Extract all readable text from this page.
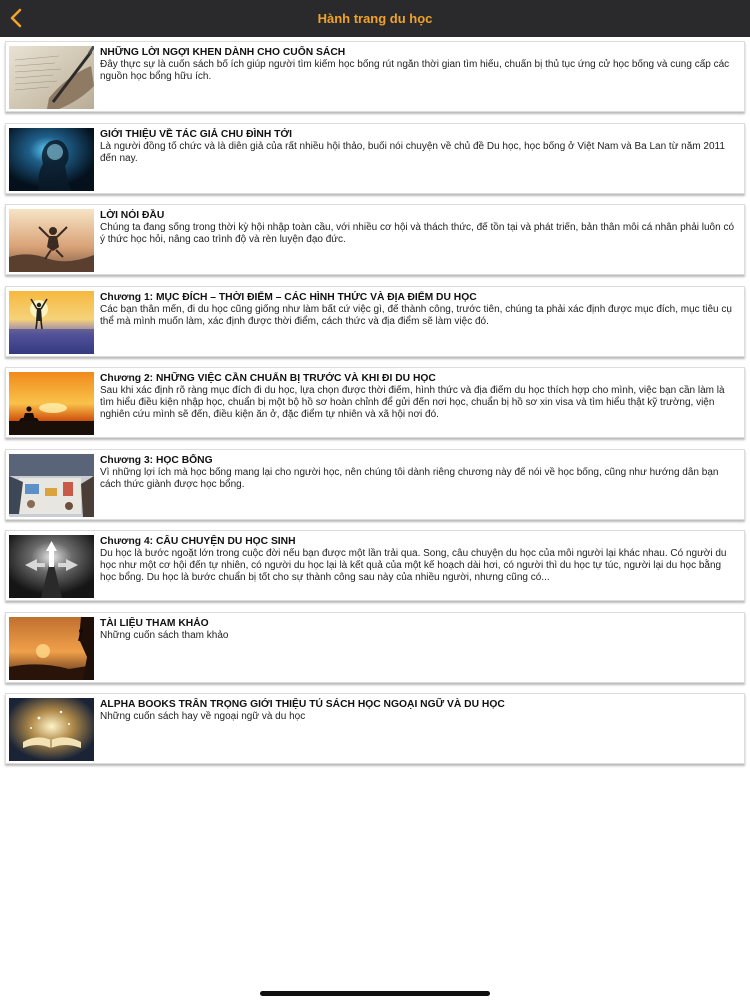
Hành trang du học
NHỮNG LỜI NGỢI KHEN DÀNH CHO CUỐN SÁCH
Đây thực sự là cuốn sách bổ ích giúp người tìm kiếm học bổng rút ngắn thời gian tìm hiểu, chuẩn bị thủ tục ứng cử học bổng và cung cấp các nguồn học bổng hữu ích.
GIỚI THIỆU VỀ TÁC GIẢ CHU ĐÌNH TỚI
Là người đồng tổ chức và là diễn giả của rất nhiều hội thảo, buổi nói chuyện về chủ đề Du học, học bổng ở Việt Nam và Ba Lan từ năm 2011 đến nay.
LỜI NÓI ĐẦU
Chúng ta đang sống trong thời kỳ hội nhập toàn cầu, với nhiều cơ hội và thách thức, để tồn tại và phát triển, bản thân mỗi cá nhân phải luôn có ý thức học hỏi, nâng cao trình độ và rèn luyện đạo đức.
Chương 1: MỤC ĐÍCH – THỜI ĐIỂM – CÁC HÌNH THỨC VÀ ĐỊA ĐIỂM DU HỌC
Các bạn thân mến, đi du học cũng giống như làm bất cứ việc gì, để thành công, trước tiên, chúng ta phải xác định được mục đích, mục tiêu cụ thể mà mình muốn làm, xác định được thời điểm, cách thức và địa điểm sẽ làm việc đó.
Chương 2: NHỮNG VIỆC CẦN CHUẨN BỊ TRƯỚC VÀ KHI ĐI DU HỌC
Sau khi xác định rõ ràng mục đích đi du học, lựa chọn được thời điểm, hình thức và địa điểm du học thích hợp cho mình, việc bạn cần làm là tìm hiểu điều kiện nhập học, chuẩn bị một bộ hồ sơ hoàn chỉnh để gửi đến nơi học, chuẩn bị hồ sơ xin visa và tìm hiểu thật kỹ trường, viện nghiên cứu mình sẽ đến, điều kiện ăn ở, đặc điểm tự nhiên và xã hội nơi đó.
Chương 3: HỌC BỔNG
Vì những lợi ích mà học bổng mang lại cho người học, nên chúng tôi dành riêng chương này để nói về học bổng, cũng như hướng dẫn bạn cách thức giành được học bổng.
Chương 4: CÂU CHUYỆN DU HỌC SINH
Du học là bước ngoặt lớn trong cuộc đời nếu bạn được một lần trải qua. Song, câu chuyện du học của mỗi người lại khác nhau. Có người du học như một cơ hội đến tự nhiên, có người du học lại là kết quả của một kế hoạch dài hơi, có người thì du học tự túc, người lại du học bằng học bổng. Du học là bước chuẩn bị tốt cho sự thành công sau này của nhiều người, nhưng cũng có...
TÀI LIỆU THAM KHẢO
Những cuốn sách tham khảo
ALPHA BOOKS TRÂN TRỌNG GIỚI THIỆU TỦ SÁCH HỌC NGOẠI NGỮ VÀ DU HỌC
Những cuốn sách hay về ngoại ngữ và du học
